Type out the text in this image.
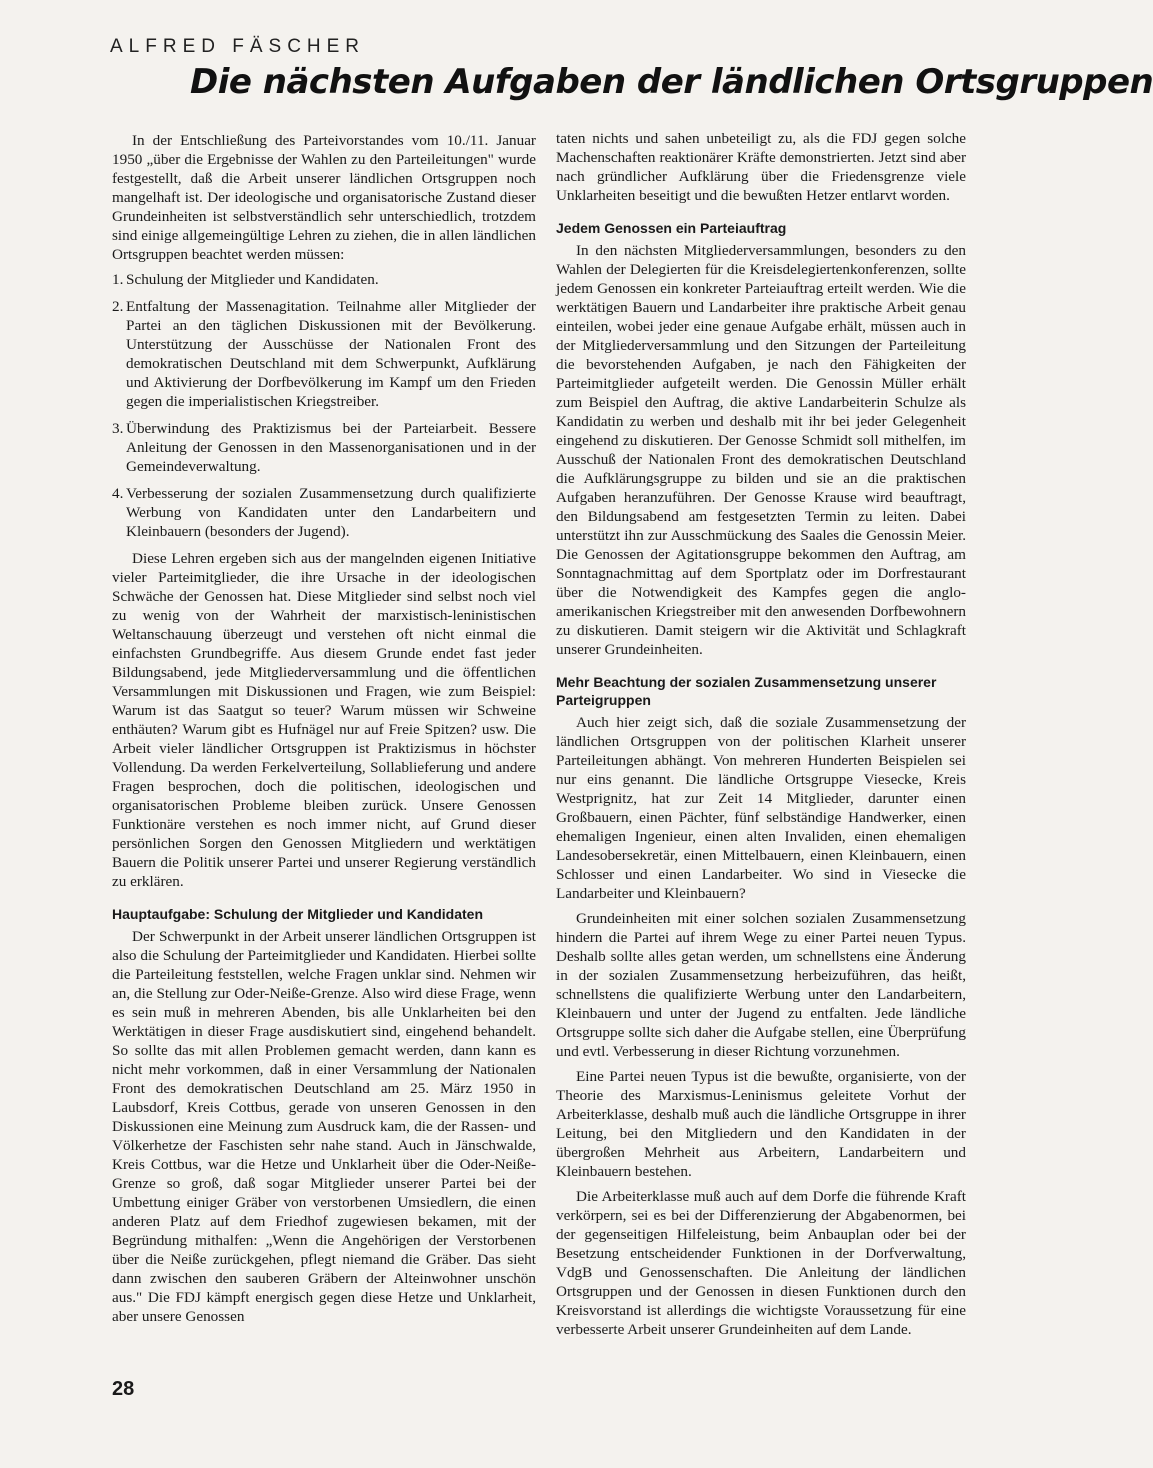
ALFRED FÄSCHER
Die nächsten Aufgaben der ländlichen Ortsgruppen

In der Entschließung des Parteivorstandes vom 10./11. Januar 1950 „über die Ergebnisse der Wahlen zu den Parteileitungen" wurde festgestellt, daß die Arbeit unserer ländlichen Ortsgruppen noch mangelhaft ist. Der ideologische und organisatorische Zustand dieser Grundeinheiten ist selbstverständlich sehr unterschiedlich, trotzdem sind einige allgemeingültige Lehren zu ziehen, die in allen ländlichen Ortsgruppen beachtet werden müssen:

1. Schulung der Mitglieder und Kandidaten.
2. Entfaltung der Massenagitation. Teilnahme aller Mitglieder der Partei an den täglichen Diskussionen mit der Bevölkerung. Unterstützung der Ausschüsse der Nationalen Front des demokratischen Deutschland mit dem Schwerpunkt, Aufklärung und Aktivierung der Dorfbevölkerung im Kampf um den Frieden gegen die imperialistischen Kriegstreiber.
3. Überwindung des Praktizismus bei der Parteiarbeit. Bessere Anleitung der Genossen in den Massenorganisationen und in der Gemeindeverwaltung.
4. Verbesserung der sozialen Zusammensetzung durch qualifizierte Werbung von Kandidaten unter den Landarbeitern und Kleinbauern (besonders der Jugend).

Diese Lehren ergeben sich aus der mangelnden eigenen Initiative vieler Parteimitglieder, die ihre Ursache in der ideologischen Schwäche der Genossen hat. Diese Mitglieder sind selbst noch viel zu wenig von der Wahrheit der marxistisch-leninistischen Weltanschauung überzeugt und verstehen oft nicht einmal die einfachsten Grundbegriffe. Aus diesem Grunde endet fast jeder Bildungsabend, jede Mitgliederversammlung und die öffentlichen Versammlungen mit Diskussionen und Fragen, wie zum Beispiel: Warum ist das Saatgut so teuer? Warum müssen wir Schweine enthäuten? Warum gibt es Hufnägel nur auf Freie Spitzen? usw. Die Arbeit vieler ländlicher Ortsgruppen ist Praktizismus in höchster Vollendung. Da werden Ferkelverteilung, Sollablieferung und andere Fragen besprochen, doch die politischen, ideologischen und organisatorischen Probleme bleiben zurück. Unsere Genossen Funktionäre verstehen es noch immer nicht, auf Grund dieser persönlichen Sorgen den Genossen Mitgliedern und werktätigen Bauern die Politik unserer Partei und unserer Regierung verständlich zu erklären.

Hauptaufgabe: Schulung der Mitglieder und Kandidaten

Der Schwerpunkt in der Arbeit unserer ländlichen Ortsgruppen ist also die Schulung der Parteimitglieder und Kandidaten. Hierbei sollte die Parteileitung feststellen, welche Fragen unklar sind. Nehmen wir an, die Stellung zur Oder-Neiße-Grenze. Also wird diese Frage, wenn es sein muß in mehreren Abenden, bis alle Unklarheiten bei den Werktätigen in dieser Frage ausdiskutiert sind, eingehend behandelt. So sollte das mit allen Problemen gemacht werden, dann kann es nicht mehr vorkommen, daß in einer Versammlung der Nationalen Front des demokratischen Deutschland am 25. März 1950 in Laubsdorf, Kreis Cottbus, gerade von unseren Genossen in den Diskussionen eine Meinung zum Ausdruck kam, die der Rassen- und Völkerhetze der Faschisten sehr nahe stand. Auch in Jänschwalde, Kreis Cottbus, war die Hetze und Unklarheit über die Oder-Neiße-Grenze so groß, daß sogar Mitglieder unserer Partei bei der Umbettung einiger Gräber von verstorbenen Umsiedlern, die einen anderen Platz auf dem Friedhof zugewiesen bekamen, mit der Begründung mithalfen: „Wenn die Angehörigen der Verstorbenen über die Neiße zurückgehen, pflegt niemand die Gräber. Das sieht dann zwischen den sauberen Gräbern der Alteinwohner unschön aus." Die FDJ kämpft energisch gegen diese Hetze und Unklarheit, aber unsere Genossen

taten nichts und sahen unbeteiligt zu, als die FDJ gegen solche Machenschaften reaktionärer Kräfte demonstrierten. Jetzt sind aber nach gründlicher Aufklärung über die Friedensgrenze viele Unklarheiten beseitigt und die bewußten Hetzer entlarvt worden.

Jedem Genossen ein Parteiauftrag

In den nächsten Mitgliederversammlungen, besonders zu den Wahlen der Delegierten für die Kreisdelegiertenkonferenzen, sollte jedem Genossen ein konkreter Parteiauftrag erteilt werden. Wie die werktätigen Bauern und Landarbeiter ihre praktische Arbeit genau einteilen, wobei jeder eine genaue Aufgabe erhält, müssen auch in der Mitgliederversammlung und den Sitzungen der Parteileitung die bevorstehenden Aufgaben, je nach den Fähigkeiten der Parteimitglieder aufgeteilt werden. Die Genossin Müller erhält zum Beispiel den Auftrag, die aktive Landarbeiterin Schulze als Kandidatin zu werben und deshalb mit ihr bei jeder Gelegenheit eingehend zu diskutieren. Der Genosse Schmidt soll mithelfen, im Ausschuß der Nationalen Front des demokratischen Deutschland die Aufklärungsgruppe zu bilden und sie an die praktischen Aufgaben heranzuführen. Der Genosse Krause wird beauftragt, den Bildungsabend am festgesetzten Termin zu leiten. Dabei unterstützt ihn zur Ausschmückung des Saales die Genossin Meier. Die Genossen der Agitationsgruppe bekommen den Auftrag, am Sonntagnachmittag auf dem Sportplatz oder im Dorfrestaurant über die Notwendigkeit des Kampfes gegen die anglo-amerikanischen Kriegstreiber mit den anwesenden Dorfbewohnern zu diskutieren. Damit steigern wir die Aktivität und Schlagkraft unserer Grundeinheiten.

Mehr Beachtung der sozialen Zusammensetzung unserer Parteigruppen

Auch hier zeigt sich, daß die soziale Zusammensetzung der ländlichen Ortsgruppen von der politischen Klarheit unserer Parteileitungen abhängt. Von mehreren Hunderten Beispielen sei nur eins genannt. Die ländliche Ortsgruppe Viesecke, Kreis Westprignitz, hat zur Zeit 14 Mitglieder, darunter einen Großbauern, einen Pächter, fünf selbständige Handwerker, einen ehemaligen Ingenieur, einen alten Invaliden, einen ehemaligen Landesobersekretär, einen Mittelbauern, einen Kleinbauern, einen Schlosser und einen Landarbeiter. Wo sind in Viesecke die Landarbeiter und Kleinbauern?

Grundeinheiten mit einer solchen sozialen Zusammensetzung hindern die Partei auf ihrem Wege zu einer Partei neuen Typus. Deshalb sollte alles getan werden, um schnellstens eine Änderung in der sozialen Zusammensetzung herbeizuführen, das heißt, schnellstens die qualifizierte Werbung unter den Landarbeitern, Kleinbauern und unter der Jugend zu entfalten. Jede ländliche Ortsgruppe sollte sich daher die Aufgabe stellen, eine Überprüfung und evtl. Verbesserung in dieser Richtung vorzunehmen.

Eine Partei neuen Typus ist die bewußte, organisierte, von der Theorie des Marxismus-Leninismus geleitete Vorhut der Arbeiterklasse, deshalb muß auch die ländliche Ortsgruppe in ihrer Leitung, bei den Mitgliedern und den Kandidaten in der übergroßen Mehrheit aus Arbeitern, Landarbeitern und Kleinbauern bestehen.

Die Arbeiterklasse muß auch auf dem Dorfe die führende Kraft verkörpern, sei es bei der Differenzierung der Abgabenormen, bei der gegenseitigen Hilfeleistung, beim Anbauplan oder bei der Besetzung entscheidender Funktionen in der Dorfverwaltung, VdgB und Genossenschaften. Die Anleitung der ländlichen Ortsgruppen und der Genossen in diesen Funktionen durch den Kreisvorstand ist allerdings die wichtigste Voraussetzung für eine verbesserte Arbeit unserer Grundeinheiten auf dem Lande.

28
